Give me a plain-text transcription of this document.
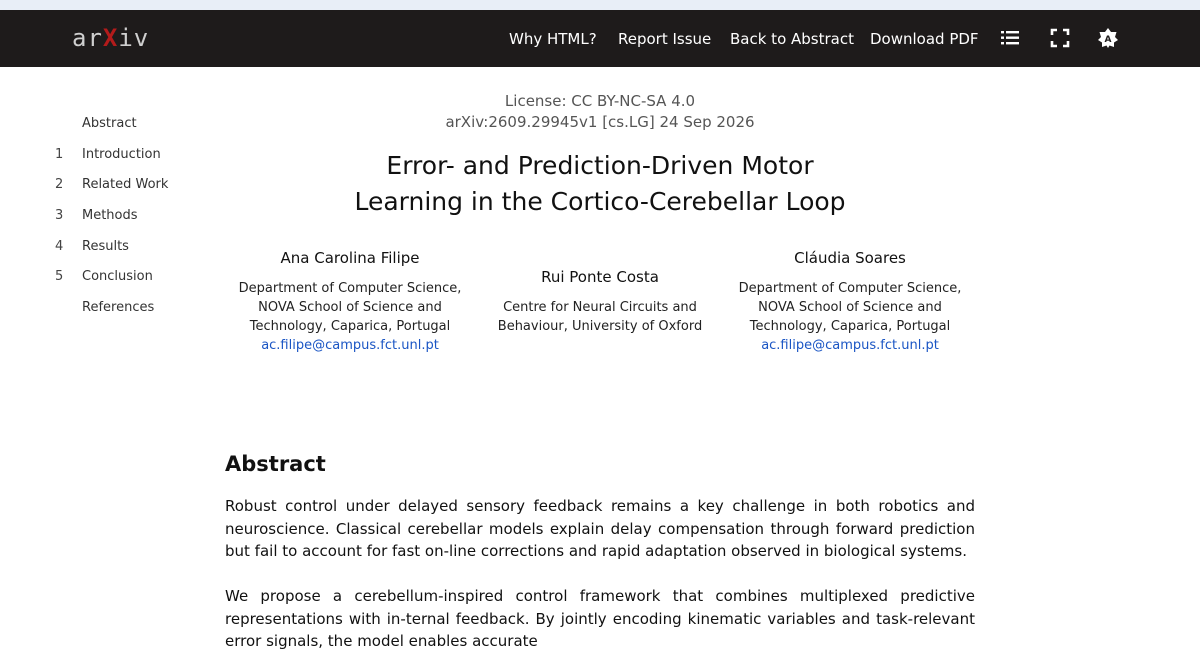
arXiv	Why HTML? Report Issue Back to Abstract Download PDF	A
Abstract
1 Introduction
2 Related Work
3 Methods
4 Results
5 Conclusion
References
License: CC BY-NC-SA 4.0
arXiv:2609.29945v1 [cs.LG] 24 Sep 2026
Error- and Prediction-Driven Motor
Learning in the Cortico-Cerebellar Loop
Ana Carolina Filipe
Department of Computer Science,
NOVA School of Science and
Technology, Caparica, Portugal
ac.filipe@campus.fct.unl.pt
Rui Ponte Costa
Centre for Neural Circuits and
Behaviour, University of Oxford
Cláudia Soares
Department of Computer Science,
NOVA School of Science and
Technology, Caparica, Portugal
ac.filipe@campus.fct.unl.pt
Abstract
Robust control under delayed sensory feedback remains a key challenge in both robotics and neuroscience. Classical cerebellar models explain delay compensation through forward prediction but fail to account for fast on-line corrections and rapid adaptation observed in biological systems.
We propose a cerebellum-inspired control framework that combines multiplexed predictive representations with in-ternal feedback. By jointly encoding kinematic variables and task-relevant error signals, the model enables accurate
